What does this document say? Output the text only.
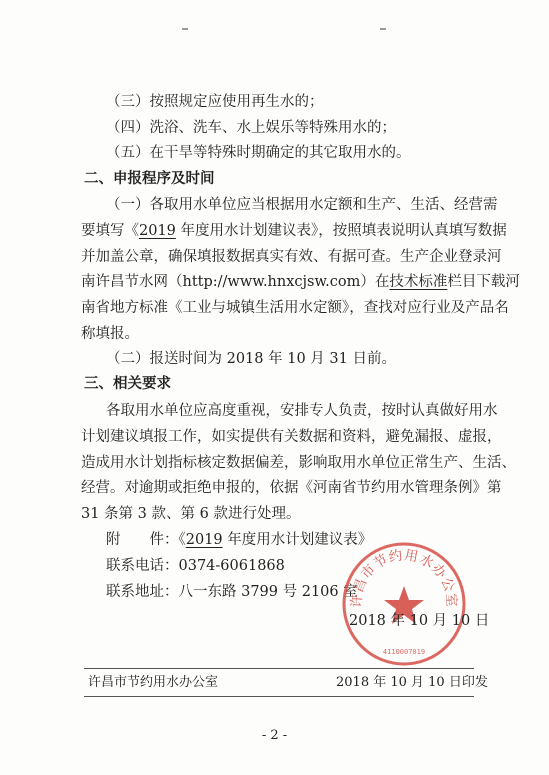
（三）按照规定应使用再生水的；
（四）洗浴、洗车、水上娱乐等特殊用水的；
（五）在干旱等特殊时期确定的其它取用水的。
二、申报程序及时间
（一）各取用水单位应当根据用水定额和生产、生活、经营需
要填写《2019 年度用水计划建议表》，按照填表说明认真填写数据
并加盖公章，确保填报数据真实有效、有据可查。生产企业登录河
南许昌节水网（http://www.hnxcjsw.com）在技术标准栏目下载河
南省地方标准《工业与城镇生活用水定额》，查找对应行业及产品名
称填报。
（二）报送时间为 2018 年 10 月 31 日前。
三、相关要求
各取用水单位应高度重视，安排专人负责，按时认真做好用水
计划建议填报工作，如实提供有关数据和资料，避免漏报、虚报，
造成用水计划指标核定数据偏差，影响取用水单位正常生产、生活、
经营。对逾期或拒绝申报的，依据《河南省节约用水管理条例》第
31 条第 3 款、第 6 款进行处理。
附　　件：《2019 年度用水计划建议表》
联系电话：0374-6061868
联系地址：八一东路 3799 号 2106 室
许昌市节约用水办公室
4110007019
2018 年 10 月 10 日
许昌市节约用水办公室	2018 年 10 月 10 日印发
- 2 -
